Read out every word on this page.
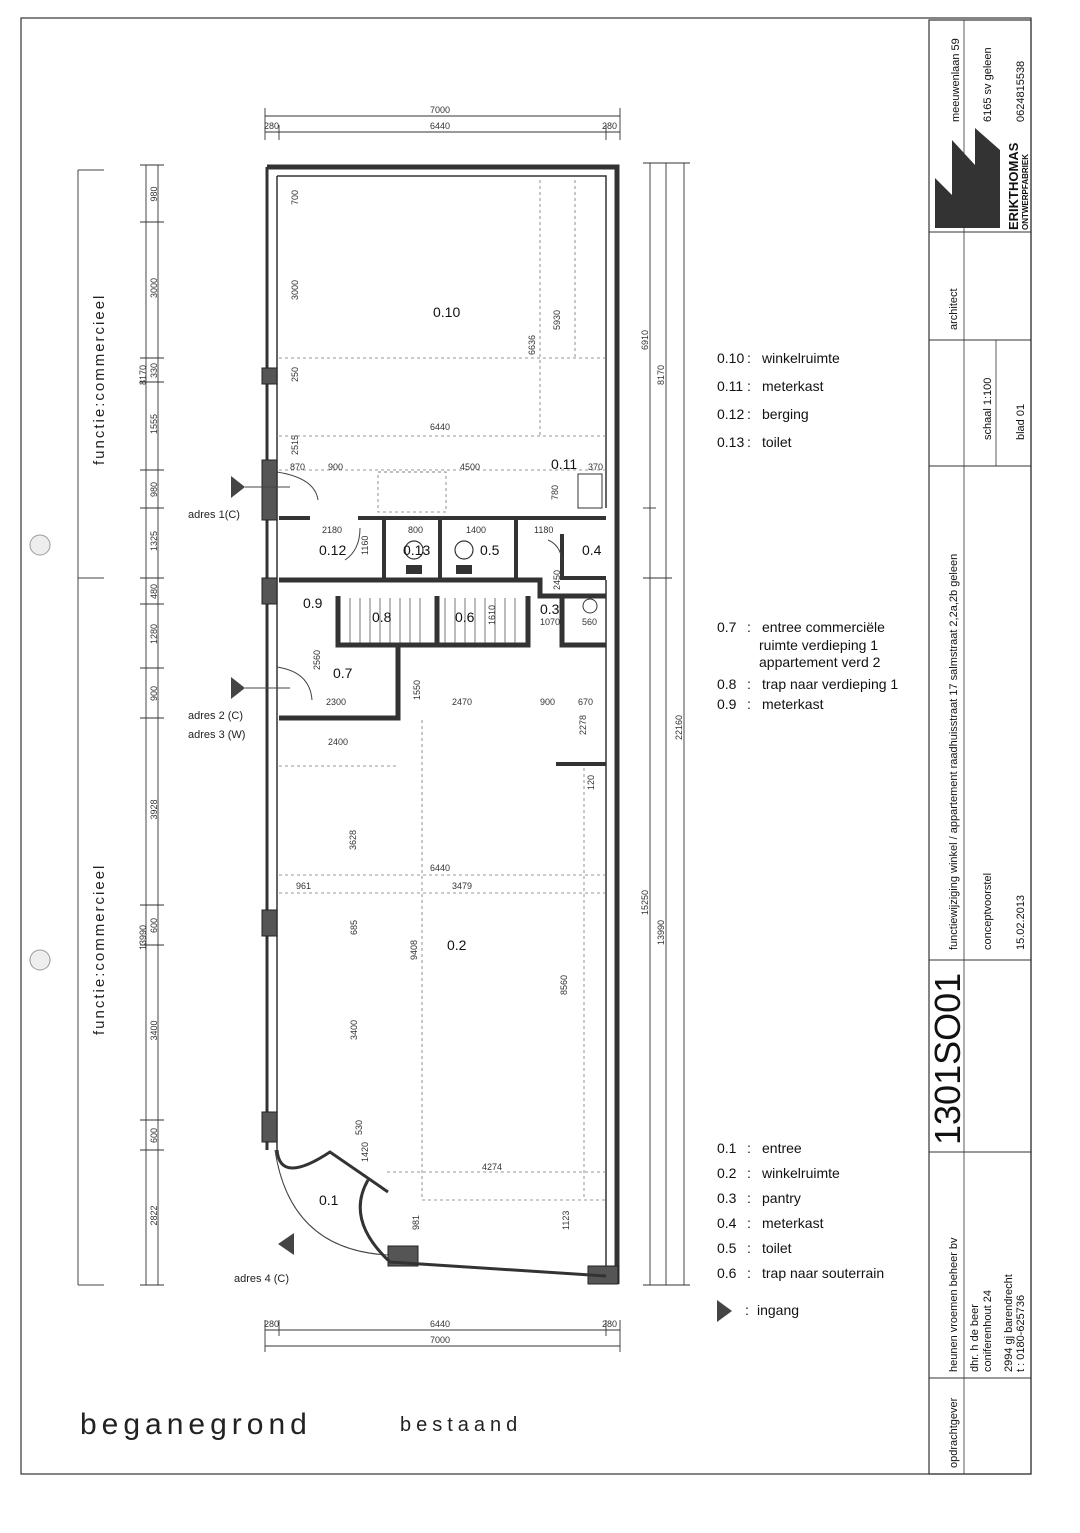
functie:commercieel
functie:commercieel
980
3000
330
1555
980
1325
480
1280
900
3928
600
3400
600
2822
8170
13990
7000
6440
280	280
6440
7000
280	280
6910
8170
15250
13990
22160
700
3000
250
2515
6440
870	900	4500
5930
6636
370
780
2180
1160
800	1400	1180
2450
1610	1070 560
2560
2300
1550
2470	900	670
2278
2400
3628
6440
961	3479
685
9408
3400
8560
120
530
1420
4274
981	1123
0.10
0.11
0.12	0.13	0.5	0.4
0.9
0.8	0.6	0.3
0.7
0.2
0.1
adres 1(C)
adres 2 (C)
adres 3 (W)
adres 4 (C)
0.10 : winkelruimte
0.11 : meterkast
0.12 : berging
0.13 : toilet
0.7 : entree commerciële
ruimte verdieping 1
appartement verd 2
0.8 : trap naar verdieping 1
0.9 : meterkast
0.1 : entree
0.2 : winkelruimte
0.3 : pantry
0.4 : meterkast
0.5 : toilet
0.6 : trap naar souterrain
: ingang
beganegrond	bestaand
ERIKTHOMAS ONTWERPFABRIEK
meeuwenlaan 59 6165 sv geleen 0624815538
architect
schaal 1:100 blad 01
functiewijziging winkel / appartement raadhuisstraat 17 salmstraat 2,2a,2b geleen conceptvoorstel 15.02.2013
1301SO01
opdrachtgever
heunen vroemen beheer bv dhr. h de beer coniferenhout 24 2994 gj barendrecht t : 0180-625736
